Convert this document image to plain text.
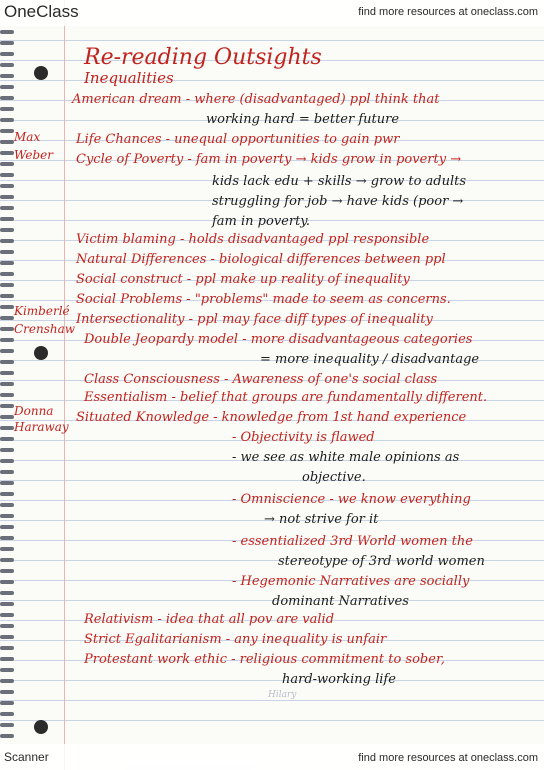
OneClass	find more resources at oneclass.com
Scanner	find more resources at oneclass.com
Re-reading Outsights
Inequalities
American dream - where (disadvantaged) ppl think that
working hard = better future
Life Chances - unequal opportunities to gain pwr
Cycle of Poverty - fam in poverty → kids grow in poverty →
kids lack edu + skills → grow to adults
struggling for job → have kids (poor →
fam in poverty.
Victim blaming - holds disadvantaged ppl responsible
Natural Differences - biological differences between ppl
Social construct - ppl make up reality of inequality
Social Problems - "problems" made to seem as concerns.
Intersectionality - ppl may face diff types of inequality
Double Jeopardy model - more disadvantageous categories
= more inequality / disadvantage
Class Consciousness - Awareness of one's social class
Essentialism - belief that groups are fundamentally different.
Situated Knowledge - knowledge from 1st hand experience
- Objectivity is flawed
- we see as white male opinions as
objective.
- Omniscience - we know everything
→ not strive for it
- essentialized 3rd World women the
stereotype of 3rd world women
- Hegemonic Narratives are socially
dominant Narratives
Relativism - idea that all pov are valid
Strict Egalitarianism - any inequality is unfair
Protestant work ethic - religious commitment to sober,
hard-working life
Max
Weber
Kimberlé
Crenshaw
Donna
Haraway
Hilary
